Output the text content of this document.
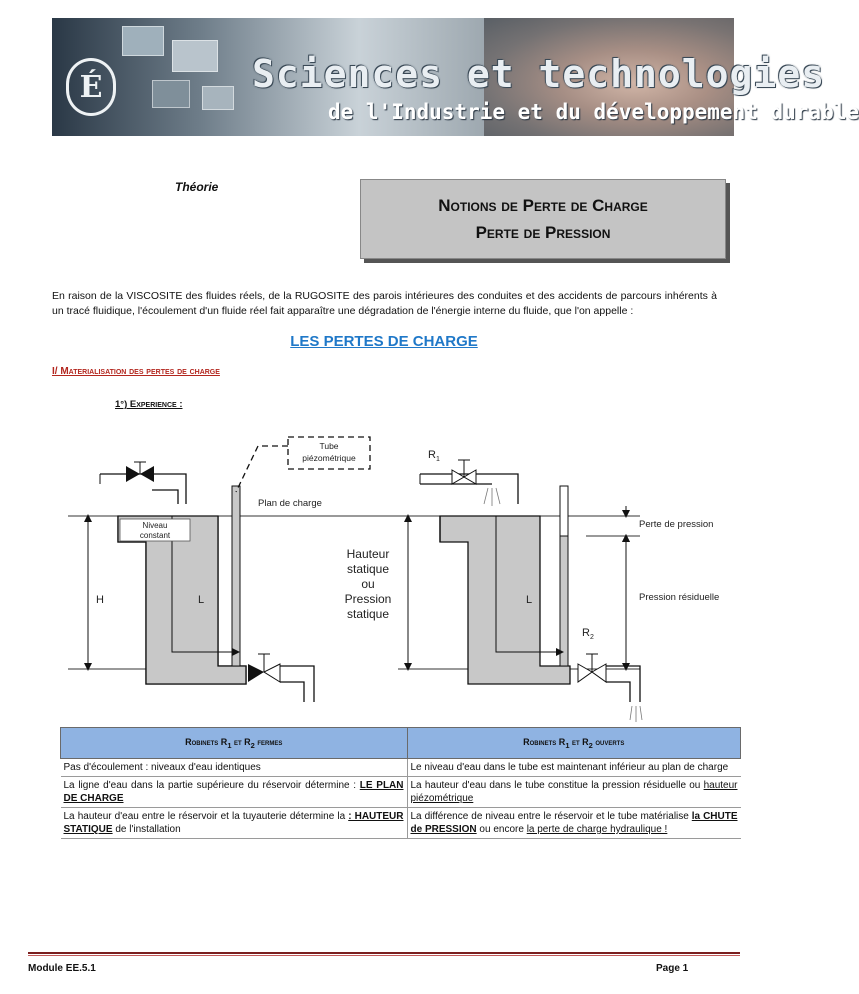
É	Sciences et technologies
de l'Industrie et du développement durable
Théorie
Notions de Perte de Charge
Perte de Pression
En raison de la VISCOSITE des fluides réels, de la RUGOSITE des parois intérieures des conduites et des accidents de parcours inhérents à un tracé fluidique, l'écoulement d'un fluide réel fait apparaître une dégradation de l'énergie interne du fluide, que l'on appelle :
LES PERTES DE CHARGE
I/ Materialisation des pertes de charge
1°) Experience :
Niveau
constant
Tube
piézométrique
Plan de charge
H	L
Hauteur
statique
ou
Pression
statique
$R_1$
$R_2$
Perte de pression
Pression résiduelle
L
Robinets $R_1$ et $R_2$ fermes	Robinets $R_1$ et $R_2$ ouverts
Pas d'écoulement : niveaux d'eau identiques	Le niveau d'eau dans le tube est maintenant inférieur au plan de charge
La ligne d'eau dans la partie supérieure du réservoir détermine : LE PLAN DE CHARGE	La hauteur d'eau dans le tube constitue la pression résiduelle ou hauteur piézométrique
La hauteur d'eau entre le réservoir et la tuyauterie détermine la : HAUTEUR STATIQUE de l'installation	La différence de niveau entre le réservoir et le tube matérialise la CHUTE de PRESSION ou encore la perte de charge hydraulique !
Module EE.5.1	Page 1
